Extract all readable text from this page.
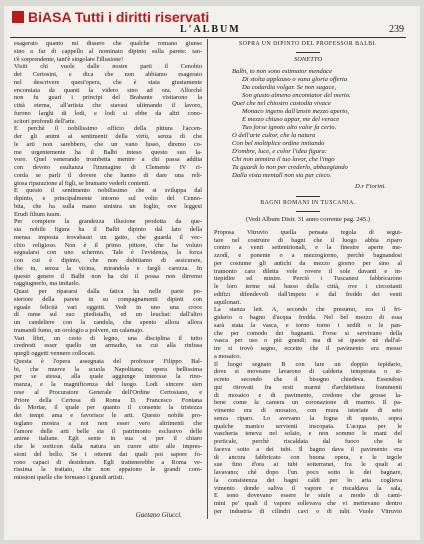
BiASA Tutti i diritti riservati
L'ALBUM	239
esagerato quanto mi dissero che qualche romano giunse
sino a far di cappello al nominato dipinto sulla parete: tan-
t'è sorprendente, tant'è singolare l'illusione!
Visiti chi vuole dalle nostre parti il Cenobio
dei Certosini, e dica che non abbiamo esagerato
nel descrivere quest'opera, che è stata giustamente
encomiata da quanti la videro sino ad ora. Allorchè
non fu guari i principi del Brabante visitarono la
città eterna, all'artista che stavasi ultimando il lavoro,
furono larghi di lodi, e lodi si ebbe da altri cono-
scitori profondi dell'arte.
E perchè il nobilissimo officio della pittura l'accen-
der gli animi ai sentimenti della virtù, senza di che
le arti non sarebbero, che un vano lusso, diremo co-
me urgentemente ha il Balbi inteso questo suo la-
voro. Quel venerando trombetta mentre a chi passa addita
con devoto esultanza l'immagine di Clemente IV ri-
corda se parli il dovere che hanno di dare una reli-
giosa riparazione al figli, se bramano vederli contenti.
E questo il sentimento nobilissimo che si sviluppa dal
dipinto, e principalmente intorno sul volto del Cenno-
bita, che ha sulla mano sinistra un foglio, ove leggesi
Erudi filium tuum.
Per compiere la grandezza illusione prodotta da que-
sta nobile figura ha il Balbi dipinto dal lato della
mensa imposta trovabassi un gatto, che guarda il vec-
chio religioso. Non è il primo pittore, che ha voluto
segnalarsi con uno schermo. Tale è l'evidenza, la forza
con cui è dipinto, che non dubitiamo di assicurare,
che tu, senza la vicina, mirandola e farglì carezza. In
questo genere il Balbi non ha chi il possa non dirremo
raggiugnerlo, ma imitarlo.
Quasi per ripararsi dalla fatica ha nelle parte po-
steriore della parete in su compagnamenti dipinti con
eguale felicità vari oggetti. Vedi in uno una croce
di rame sul suo piedistallo, ed un leuchat: dall'altro
un candeliere con la candela, che spento allora allora
tramandi fumo, un orologio a polvere, un calamajo.
Vari libri, un cesto di legno, una disciplina il tutto
credresti esser quello un armadio, su cui alla rinfusa
quegli oggetti vennero collocati.
Questa è l'opera assegnata del professor Filippo Bal-
bi, che muove la scuola Napolitana; opera bellissima
per se stessa, alla quale aggiunge interesse la rino-
manza, e la magnificenza del luogo. Lodi sincere sien
rese al Procuratore Generale dell'Ordine Certosiano, e
Priore della Certosa di Roma D. Francesco Fontana
da Mortar, il quale per quanto il consente la tristezza
dei tempi ama e favorisce le arti. Questo nobile pro-
teglano mostra a noi non esser vero altrimenti che
l'amore delle arti belle sia il patrimonio esclusivo delle
anime italiane. Egli sente in sua si per il chiaro
che le sorticon dalla natura un cuore atto alle impres-
sioni del bello. Se i ottenni dai quali poi sapore fo-
rono capaci di desiderare. Egli trattenerebbe a Roma ve-
rissima la trattato, che non appaiono le grandi com-
missioni quelle che formano i grandi artisti.
Gaetano Giucci.
SOPRA UN DIPINTO DEL PROFESSOR BALBI.
SONETTO
Balbi, io non sono estimator mendace
Di stolta applauso o vana gloria offerta
Da codardia volgar. Se non sagace,
Son giusto almeno encomiator del merto.
Quei che nel chiostro castodia vivace
Monaco ingeno dall'ansin mezzo aperto,
E mezzo chiuso appar, me del verace
Tuo forse ignoto alto valor fa certo.
O dell'arte cultor, che la natura
Con bel moltiplice ordine imitando
D'ombre, luce, e color l'idea figura:
Chi non ammira il tuo lavor, che l'ingo
Tu guardi lo non per crederlo, abbaegiando
Dalla vista mentall non sia pur cieco.
D.r Fiorini.
BAGNI ROMANI IN TUSCANIA.
(Vedi Album Distr. 31 anno corrente pag. 245.)
Proposa Vitruvio quella pensata regola di segui-
tare nel costruire di bagni che il luogo abbia riparo
contro a venti settentrionali, e la finestre aperte me-
zzodì, e ponente o a mezzogiorno, perchè bagnandosi
per costume gli antichi da mezzo giorno per sino al
tramonto cara diletta vole rovere il sole davanti e in-
tiepidire ed minire. Perciò i Tuscanesi fabbricarono
le loro terme sul basso della città, ove i circostanti
edifizi difendevoli dall'impeto e dal freddo dei venti
aquilonari.
La stanza lett. A, secondo che presumo, era il fri-
gidario o bagno d'acqua fredda. Nel bel mezzo di essa
sarà stata la vasca, e torno torno i sedili o le pan-
che per comodo dei bagnanti. Forse si servivano della
vasca per uso o più grandi; ma di sè queste nè dall'al-
tre si trovò segno, eccetto che il pavimento era messo
a mosaico.
Il luogo segnato B con fare un doppio tepidario,
dove si moveano lavarono di calderia temperata o si-
ecreto secondo che il bisogno chiedeva. Essendosi
qui ritrovati fra resti marmi d'architettura frammenti
di mosaico e di pavimento, credono che grosse la-
bene come la camera un coronazione di marmo. Il pa-
vimento era di mosaico, con mura istoriate di seto
senza riparo. Lo avevano la fogna di questo, sopra
qualche manico servienti inscopata. L'acqua per le
vascheria teneva nel solaio, e non sommo le mani del
porticale, perchè riscaldata dal fuoco che le
faceva sotto a dei tubi. Il bagno dava il pavimento era
di ancora fabbricato con buona opera, e le tegole
sue fino d'ora ai tubi sotterranei, fra le quali ai
lavavano; ché dopo l'un poco sotto le dei bagnare,
la consistenza dei bagni caldi per lo aria coglieva
vimento donde saliva il vapore e riscaldava la sala,
E sono dovevano essere le stufe a modo di cami-
mini pe' quali il vapore sollevava che vi mettevano dentro
per industria di cilindri cavi o di tubi. Vuole Vitruvio
